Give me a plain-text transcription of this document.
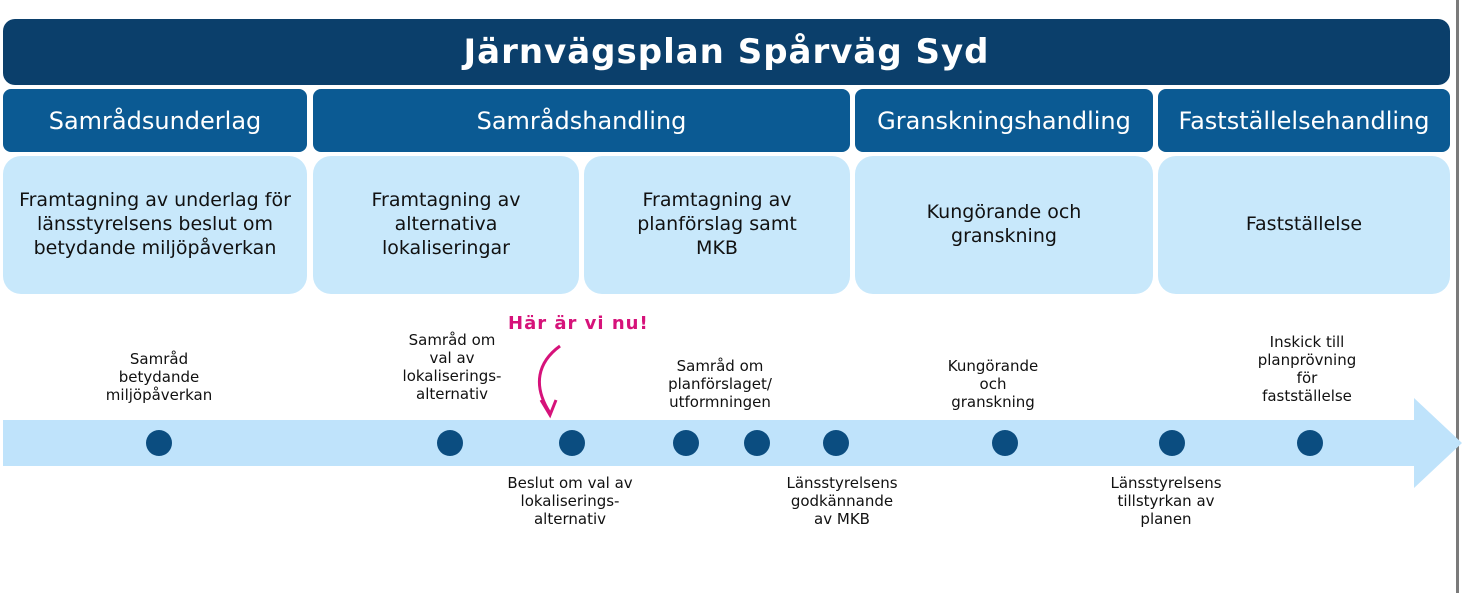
Järnvägsplan Spårväg Syd
Samrådsunderlag	Samrådshandling	Granskningshandling	Fastställelsehandling
Framtagning av underlag för länsstyrelsens beslut om betydande miljöpåverkan
Framtagning av alternativa lokaliseringar
Framtagning av planförslag samt MKB
Kungörande och granskning
Fastställelse
Här är vi nu!
Samråd
betydande
miljöpåverkan
Samråd om
val av
lokaliserings-
alternativ
Samråd om
planförslaget/
utformningen
Kungörande
och
granskning
Inskick till
planprövning
för
fastställelse
Beslut om val av
lokaliserings-
alternativ
Länsstyrelsens
godkännande
av MKB
Länsstyrelsens
tillstyrkan av
planen
